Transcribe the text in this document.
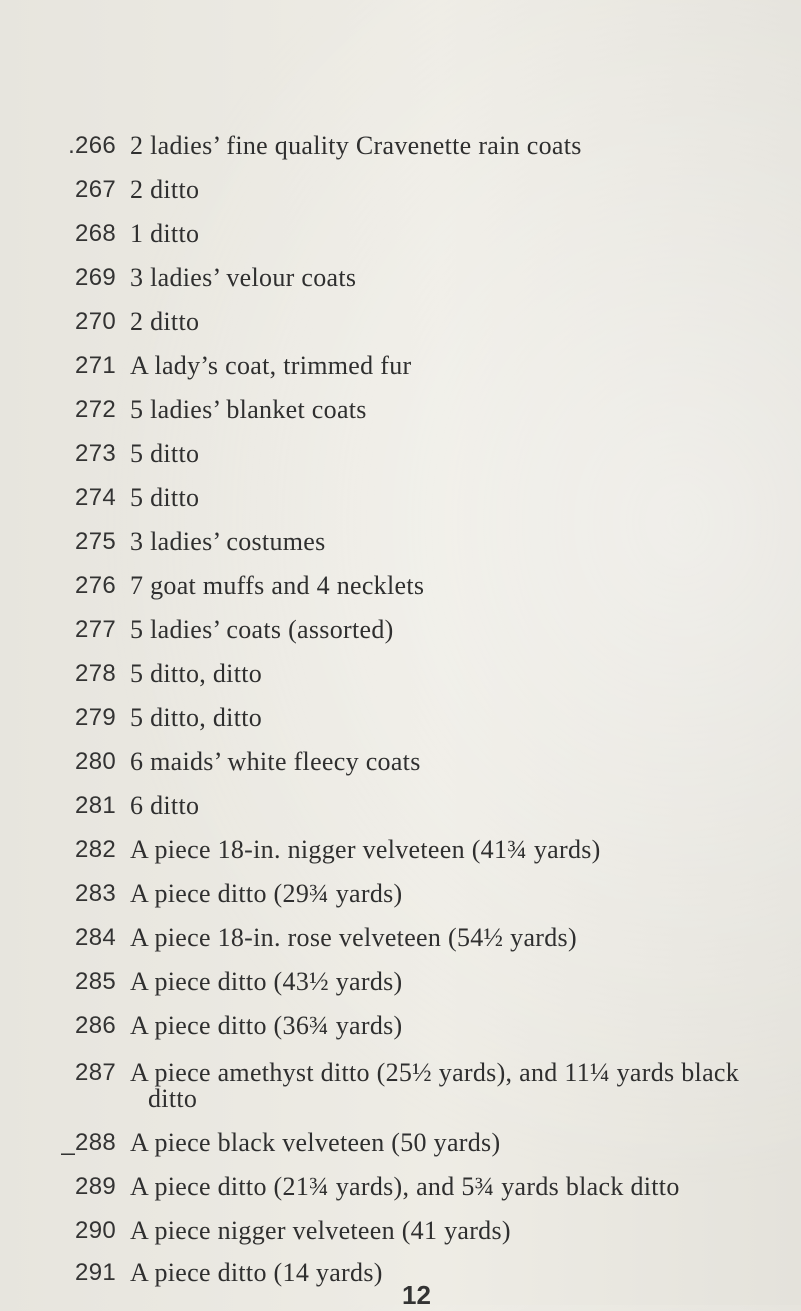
.266 2 ladies’ fine quality Cravenette rain coats
267 2 ditto
268 1 ditto
269 3 ladies’ velour coats
270 2 ditto
271 A lady’s coat, trimmed fur
272 5 ladies’ blanket coats
273 5 ditto
274 5 ditto
275 3 ladies’ costumes
276 7 goat muffs and 4 necklets
277 5 ladies’ coats (assorted)
278 5 ditto, ditto
279 5 ditto, ditto
280 6 maids’ white fleecy coats
281 6 ditto
282 A piece 18-in. nigger velveteen (41¾ yards)
283 A piece ditto (29¾ yards)
284 A piece 18-in. rose velveteen (54½ yards)
285 A piece ditto (43½ yards)
286 A piece ditto (36¾ yards)
287 A piece amethyst ditto (25½ yards), and 11¼ yards black
ditto
_288 A piece black velveteen (50 yards)
289 A piece ditto (21¾ yards), and 5¾ yards black ditto
290 A piece nigger velveteen (41 yards)
291 A piece ditto (14 yards)
12
